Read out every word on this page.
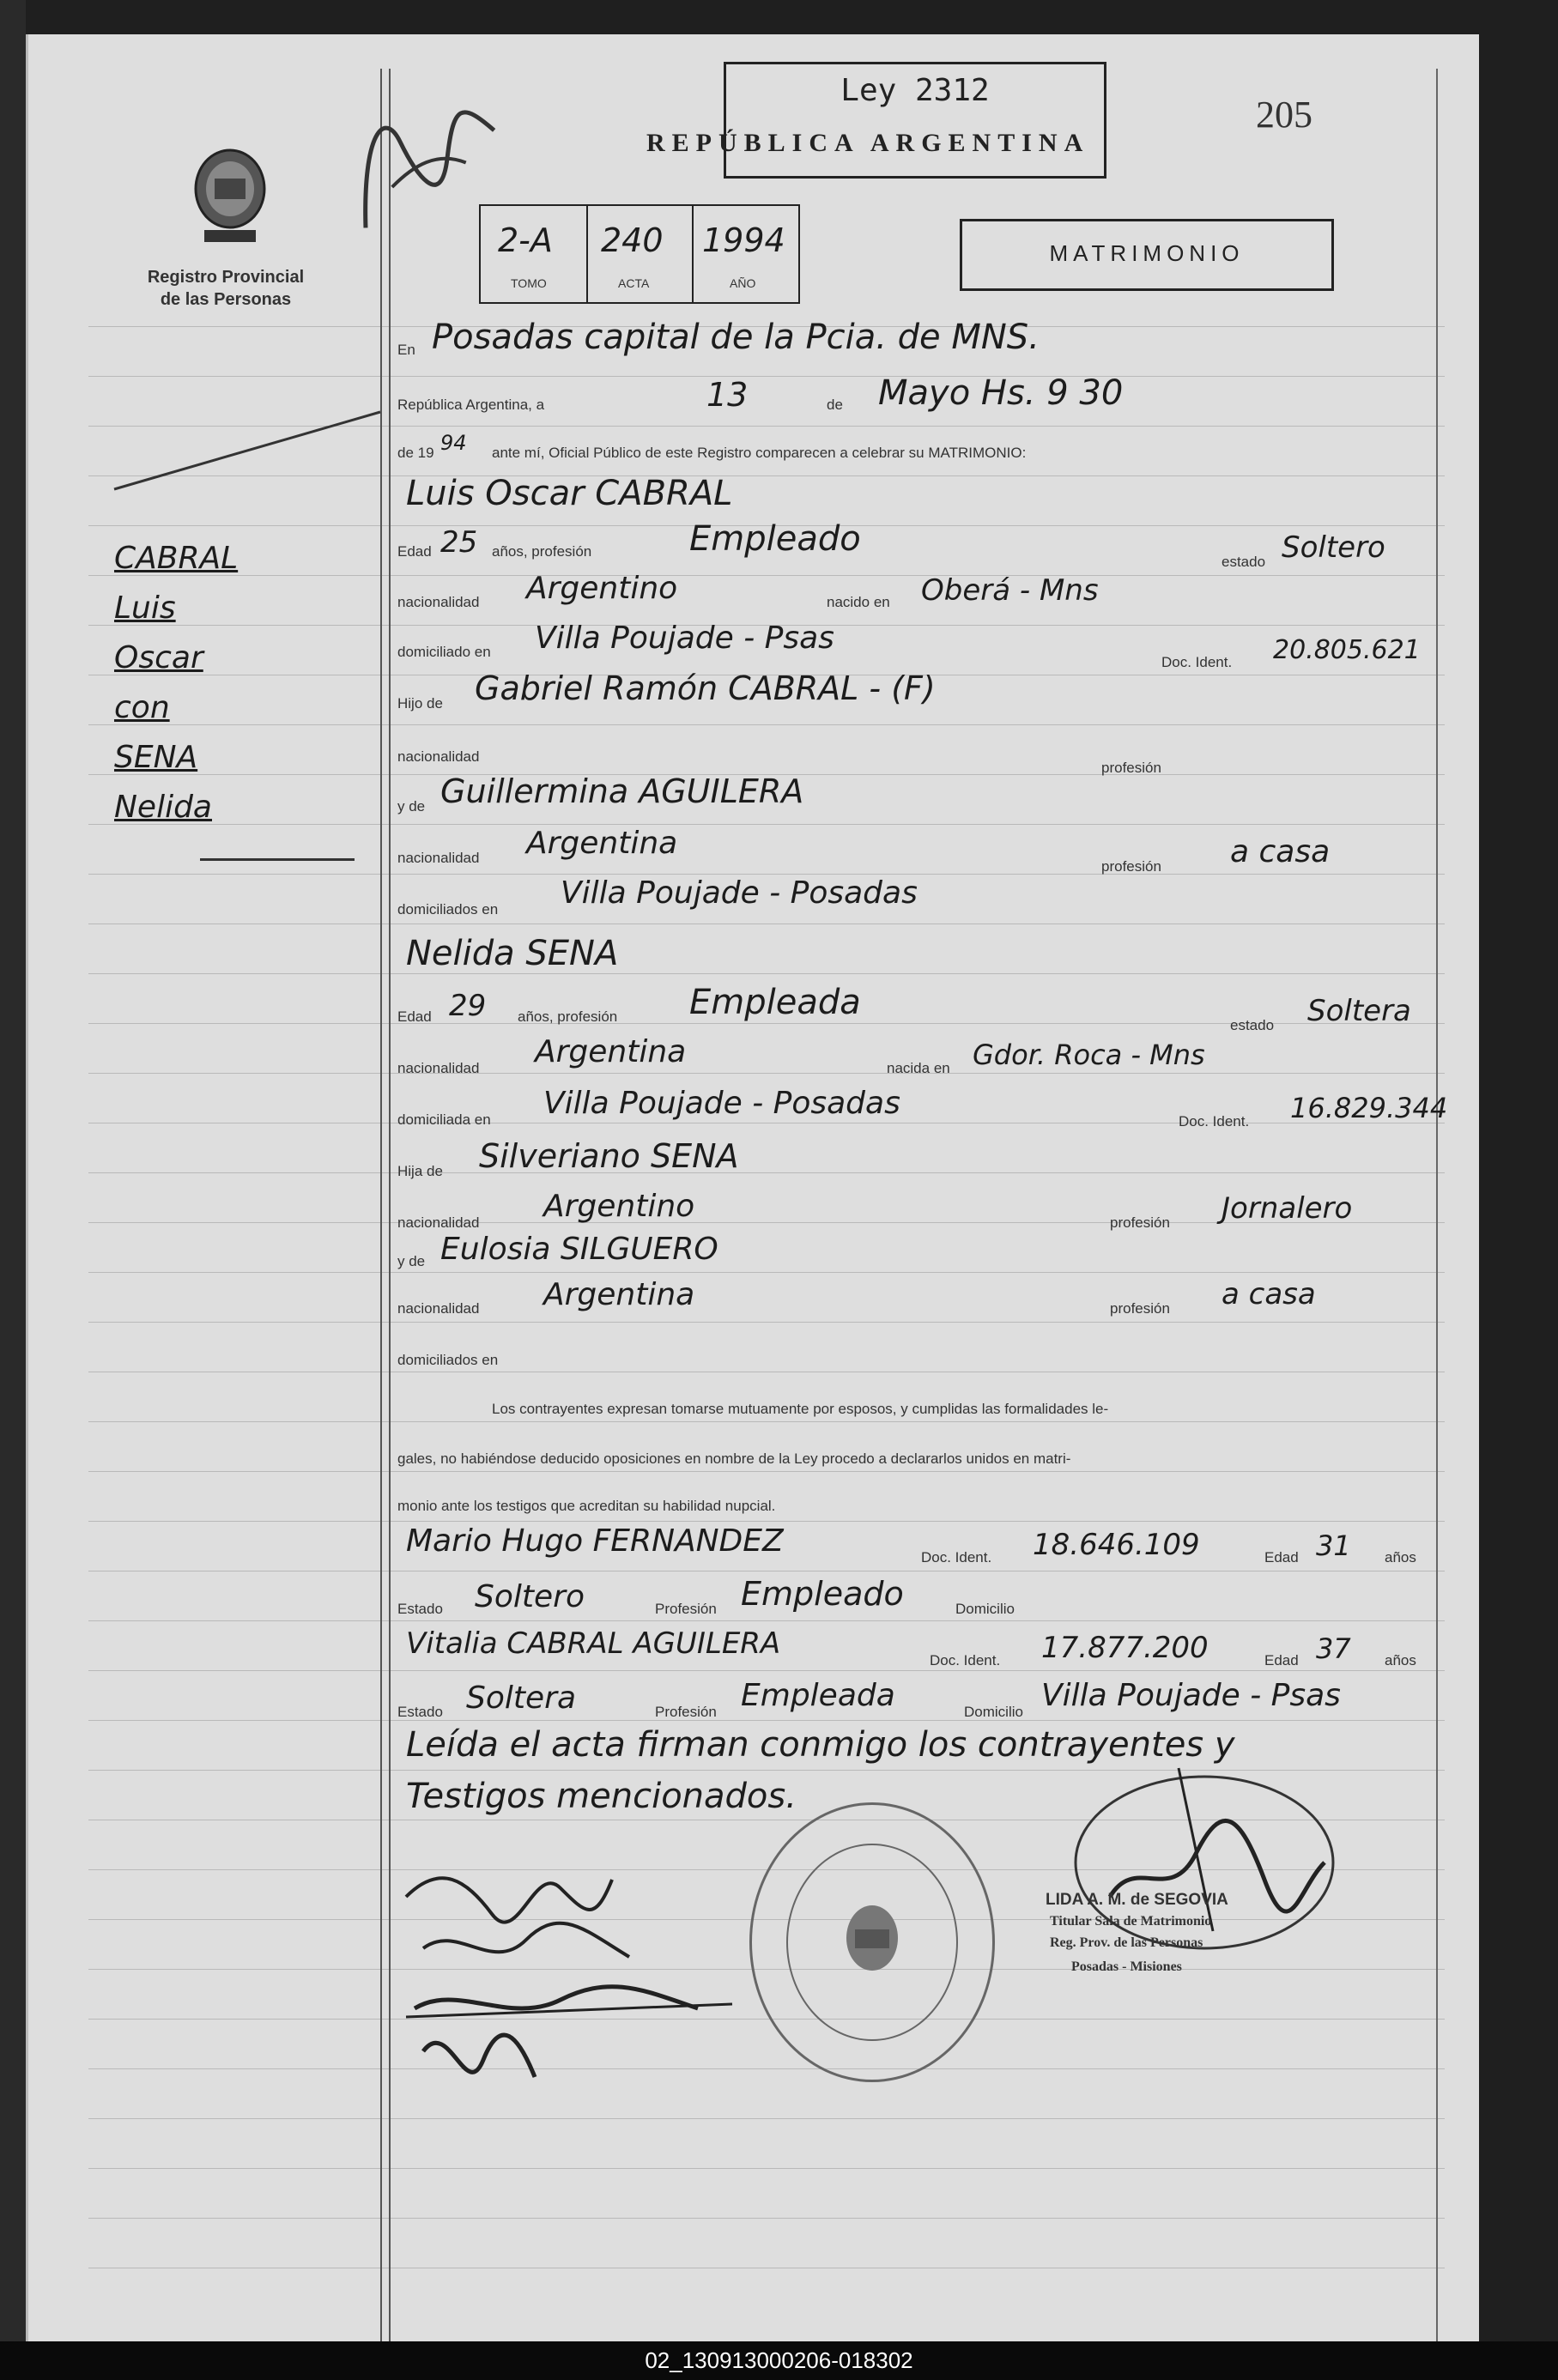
Registro Provincial
de las Personas
Ley 2312
REPÚBLICA ARGENTINA
205
2-A 240 1994
TOMO	ACTA	AÑO
MATRIMONIO
CABRAL
Luis
Oscar
con
SENA
Nelida
En Posadas capital de la Pcia. de MNS.
República Argentina, a	13	de Mayo Hs. 9 30
de 19 94 ante mí, Oficial Público de este Registro comparecen a celebrar su MATRIMONIO:
Luis Oscar CABRAL
Edad 25 años, profesión	Empleado
estado Soltero
nacionalidad Argentino	nacido en Oberá - Mns
domiciliado en Villa Poujade - Psas
Doc. Ident. 20.805.621
Hijo de Gabriel Ramón CABRAL - (F)
nacionalidad
profesión
y de Guillermina AGUILERA
nacionalidad Argentina
profesión a casa
domiciliados en Villa Poujade - Posadas
Nelida SENA
Edad 29 años, profesión Empleada
estado Soltera
nacionalidad Argentina	nacida en Gdor. Roca - Mns
domiciliada en Villa Poujade - Posadas
Doc. Ident. 16.829.344
Hija de Silveriano SENA
nacionalidad Argentino	profesión Jornalero
y de Eulosia SILGUERO
nacionalidad Argentina	profesión a casa
domiciliados en
Los contrayentes expresan tomarse mutuamente por esposos, y cumplidas las formalidades le-
gales, no habiéndose deducido oposiciones en nombre de la Ley procedo a declararlos unidos en matri-
monio ante los testigos que acreditan su habilidad nupcial.
Mario Hugo FERNANDEZ	Doc. Ident. 18.646.109	Edad 31 años
Estado Soltero	Profesión Empleado	Domicilio
Vitalia CABRAL AGUILERA	Doc. Ident. 17.877.200	Edad 37 años
Estado Soltera	Profesión Empleada	Domicilio Villa Poujade - Psas
Leída el acta firman conmigo los contrayentes y
Testigos mencionados.
LIDA A. M. de SEGOVIA
Titular Sala de Matrimonio
Reg. Prov. de las Personas
Posadas - Misiones
02_130913000206-018302
